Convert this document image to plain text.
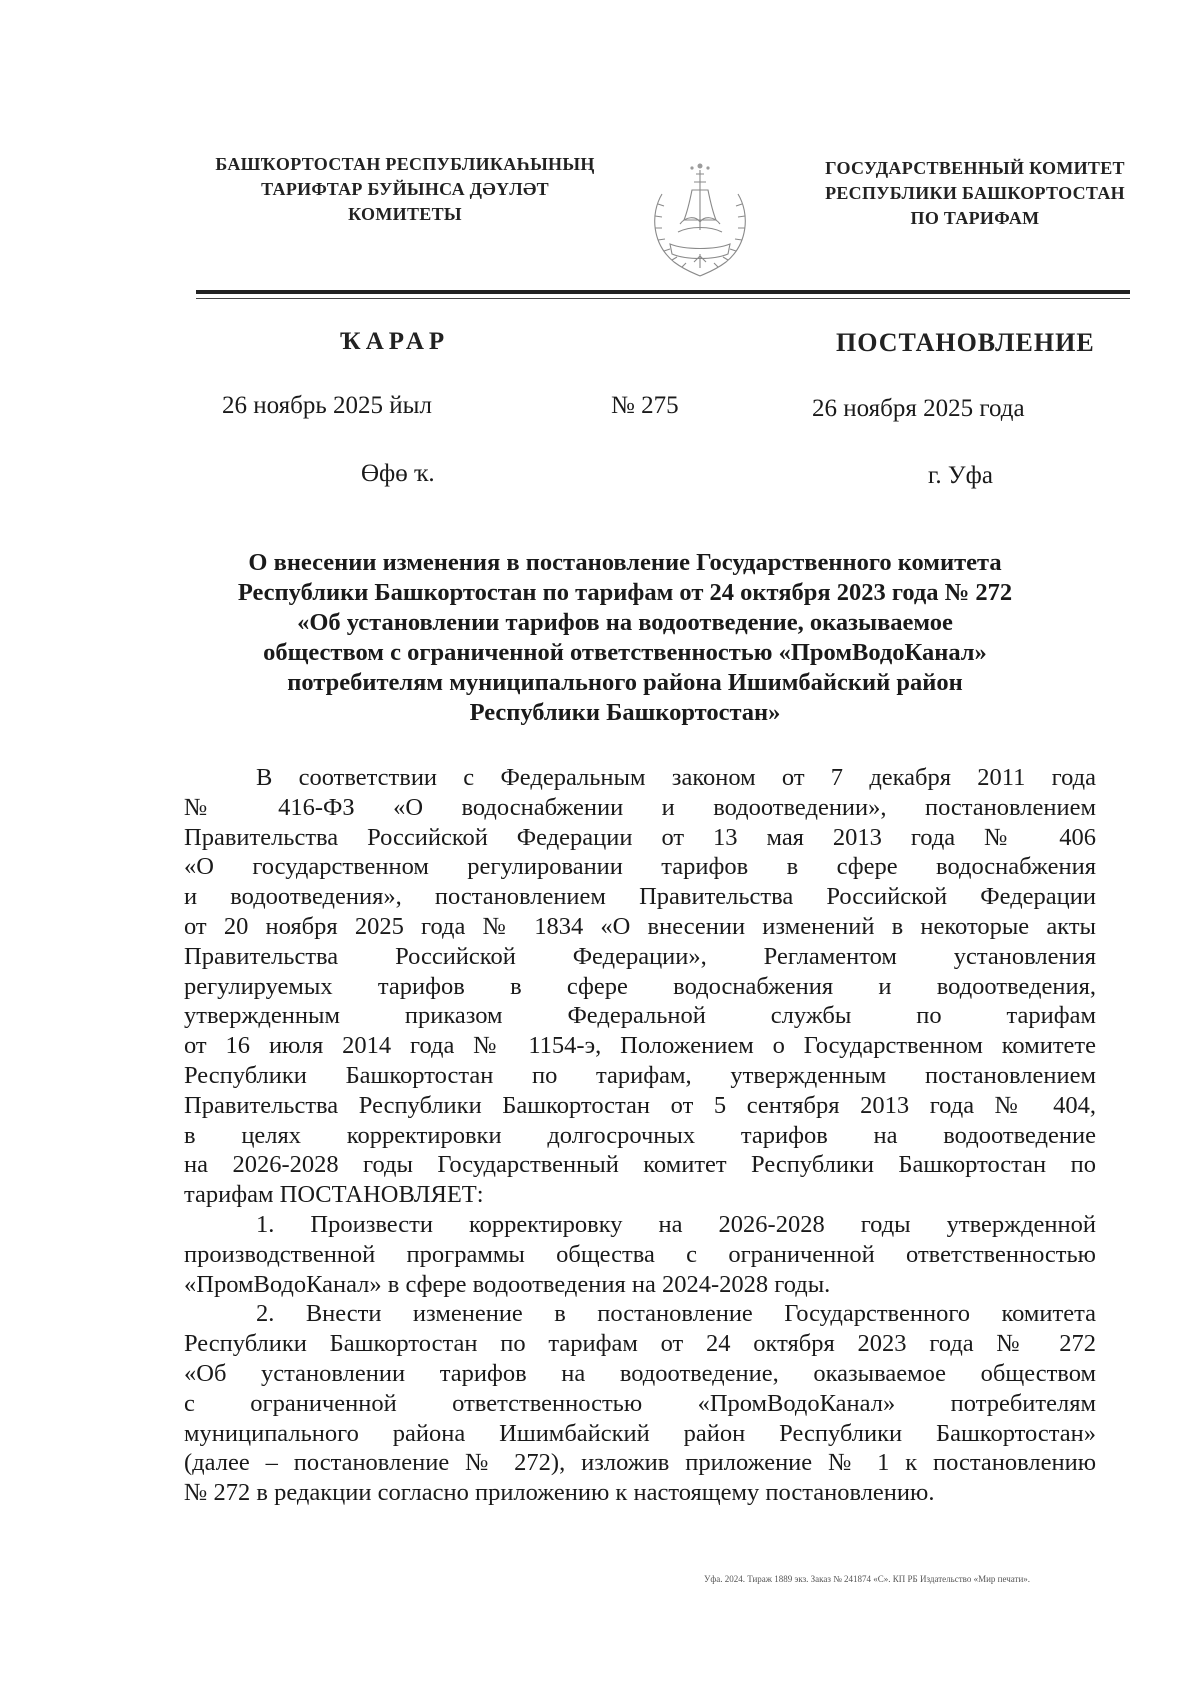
БАШҠОРТОСТАН РЕСПУБЛИКАҺЫНЫҢ
ТАРИФТАР БУЙЫНСА ДӘҮЛӘТ
КОМИТЕТЫ
ГОСУДАРСТВЕННЫЙ КОМИТЕТ
РЕСПУБЛИКИ БАШКОРТОСТАН
ПО ТАРИФАМ
ҠАРАР	ПОСТАНОВЛЕНИЕ
26 ноябрь 2025 йыл	№ 275	26 ноября 2025 года
Өфө ҡ.	г. Уфа
О внесении изменения в постановление Государственного комитета
Республики Башкортостан по тарифам от 24 октября 2023 года № 272
«Об установлении тарифов на водоотведение, оказываемое
обществом с ограниченной ответственностью «ПромВодоКанал»
потребителям муниципального района Ишимбайский район
Республики Башкортостан»
В соответствии с Федеральным законом от 7 декабря 2011 года
№ 416-ФЗ «О водоснабжении и водоотведении», постановлением
Правительства Российской Федерации от 13 мая 2013 года № 406
«О государственном регулировании тарифов в сфере водоснабжения
и водоотведения», постановлением Правительства Российской Федерации
от 20 ноября 2025 года № 1834 «О внесении изменений в некоторые акты
Правительства Российской Федерации», Регламентом установления
регулируемых тарифов в сфере водоснабжения и водоотведения,
утвержденным приказом Федеральной службы по тарифам
от 16 июля 2014 года № 1154-э, Положением о Государственном комитете
Республики Башкортостан по тарифам, утвержденным постановлением
Правительства Республики Башкортостан от 5 сентября 2013 года № 404,
в целях корректировки долгосрочных тарифов на водоотведение
на 2026-2028 годы Государственный комитет Республики Башкортостан по
тарифам ПОСТАНОВЛЯЕТ:
1. Произвести корректировку на 2026-2028 годы утвержденной
производственной программы общества с ограниченной ответственностью
«ПромВодоКанал» в сфере водоотведения на 2024-2028 годы.
2. Внести изменение в постановление Государственного комитета
Республики Башкортостан по тарифам от 24 октября 2023 года № 272
«Об установлении тарифов на водоотведение, оказываемое обществом
с ограниченной ответственностью «ПромВодоКанал» потребителям
муниципального района Ишимбайский район Республики Башкортостан»
(далее – постановление № 272), изложив приложение № 1 к постановлению
№ 272 в редакции согласно приложению к настоящему постановлению.
Уфа. 2024. Тираж 1889 экз. Заказ № 241874 «С». КП РБ Издательство «Мир печати».
